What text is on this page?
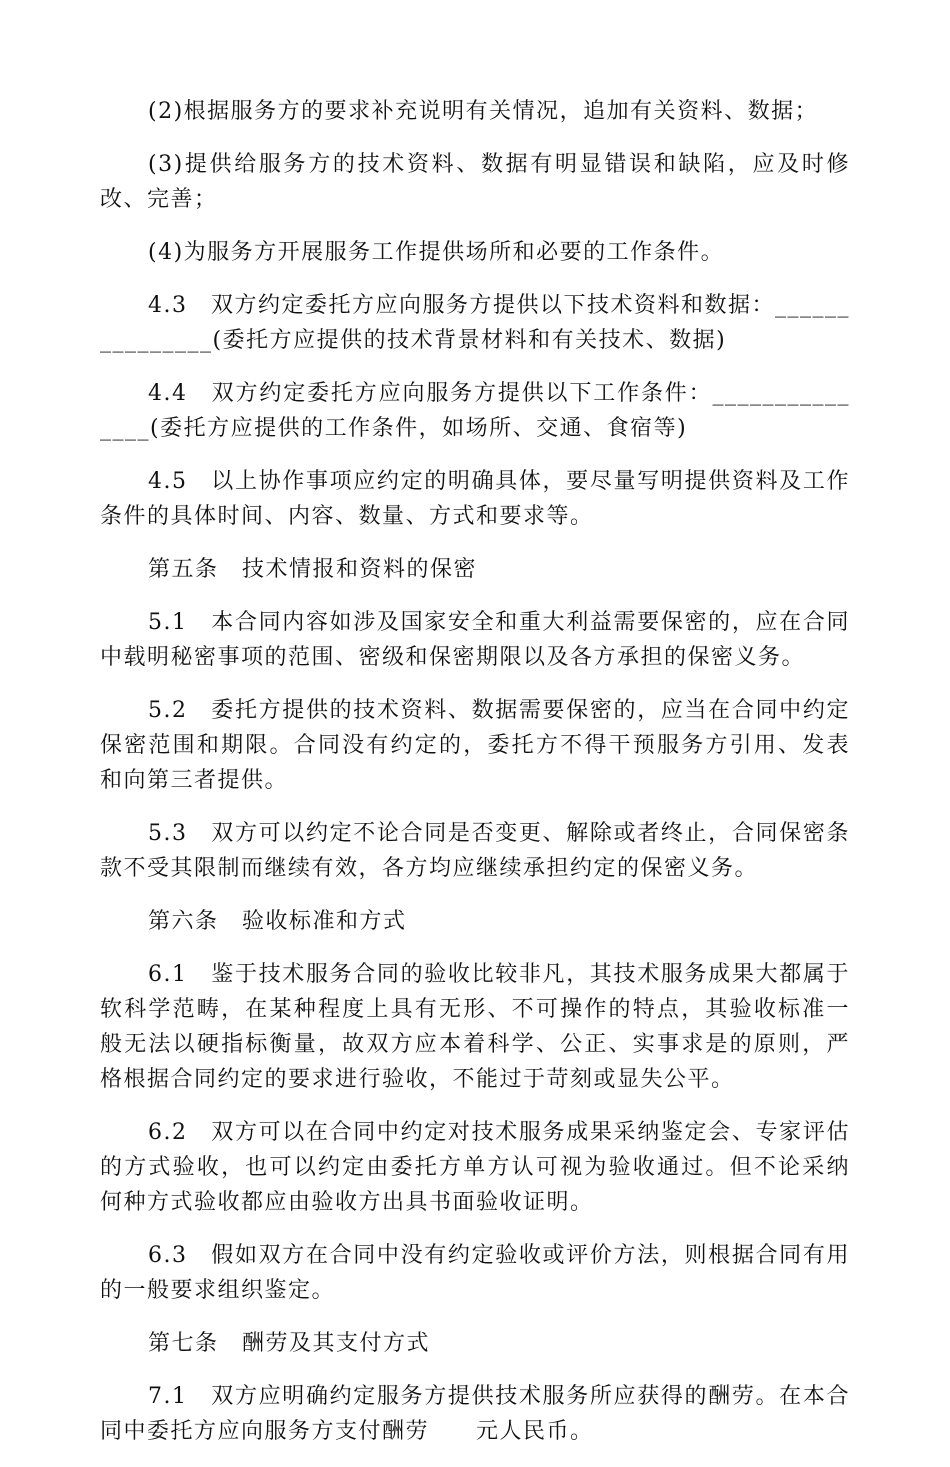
(2)根据服务方的要求补充说明有关情况，追加有关资料、数据；

(3)提供给服务方的技术资料、数据有明显错误和缺陷，应及时修改、完善；

(4)为服务方开展服务工作提供场所和必要的工作条件。

4.3　双方约定委托方应向服务方提供以下技术资料和数据：_______________(委托方应提供的技术背景材料和有关技术、数据)

4.4　双方约定委托方应向服务方提供以下工作条件：_______________(委托方应提供的工作条件，如场所、交通、食宿等)

4.5　以上协作事项应约定的明确具体，要尽量写明提供资料及工作条件的具体时间、内容、数量、方式和要求等。

第五条　技术情报和资料的保密

5.1　本合同内容如涉及国家安全和重大利益需要保密的，应在合同中载明秘密事项的范围、密级和保密期限以及各方承担的保密义务。

5.2　委托方提供的技术资料、数据需要保密的，应当在合同中约定保密范围和期限。合同没有约定的，委托方不得干预服务方引用、发表和向第三者提供。

5.3　双方可以约定不论合同是否变更、解除或者终止，合同保密条款不受其限制而继续有效，各方均应继续承担约定的保密义务。

第六条　验收标准和方式

6.1　鉴于技术服务合同的验收比较非凡，其技术服务成果大都属于软科学范畴，在某种程度上具有无形、不可操作的特点，其验收标准一般无法以硬指标衡量，故双方应本着科学、公正、实事求是的原则，严格根据合同约定的要求进行验收，不能过于苛刻或显失公平。

6.2　双方可以在合同中约定对技术服务成果采纳鉴定会、专家评估的方式验收，也可以约定由委托方单方认可视为验收通过。但不论采纳何种方式验收都应由验收方出具书面验收证明。

6.3　假如双方在合同中没有约定验收或评价方法，则根据合同有用的一般要求组织鉴定。

第七条　酬劳及其支付方式

7.1　双方应明确约定服务方提供技术服务所应获得的酬劳。在本合同中委托方应向服务方支付酬劳　　元人民币。
